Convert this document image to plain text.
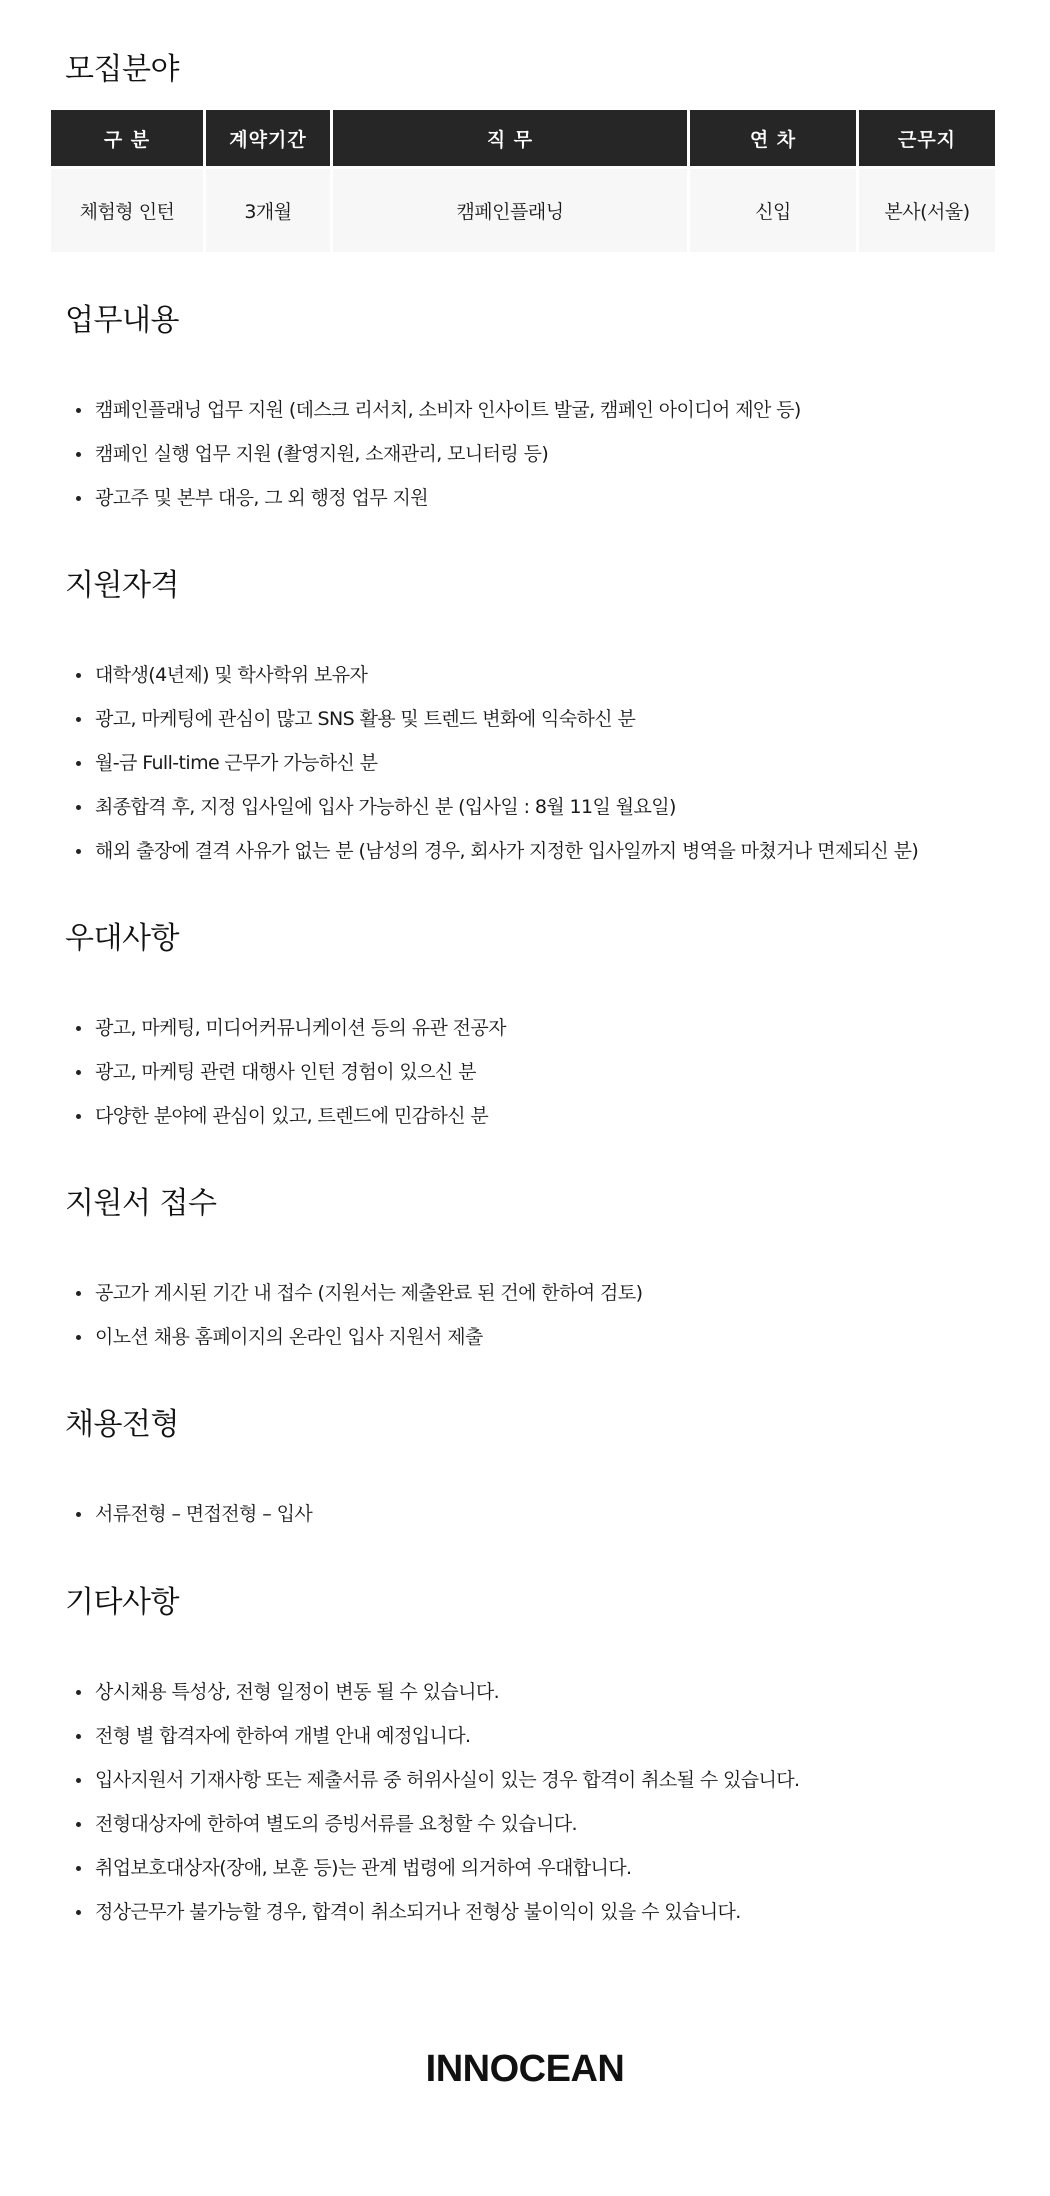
모집분야
구 분	계약기간	직 무	연 차	근무지
체험형 인턴	3개월	캠페인플래닝	신입	본사(서울)
업무내용
캠페인플래닝 업무 지원 (데스크 리서치, 소비자 인사이트 발굴, 캠페인 아이디어 제안 등)
캠페인 실행 업무 지원 (촬영지원, 소재관리, 모니터링 등)
광고주 및 본부 대응, 그 외 행정 업무 지원
지원자격
대학생(4년제) 및 학사학위 보유자
광고, 마케팅에 관심이 많고 SNS 활용 및 트렌드 변화에 익숙하신 분
월-금 Full-time 근무가 가능하신 분
최종합격 후, 지정 입사일에 입사 가능하신 분 (입사일 : 8월 11일 월요일)
해외 출장에 결격 사유가 없는 분 (남성의 경우, 회사가 지정한 입사일까지 병역을 마쳤거나 면제되신 분)
우대사항
광고, 마케팅, 미디어커뮤니케이션 등의 유관 전공자
광고, 마케팅 관련 대행사 인턴 경험이 있으신 분
다양한 분야에 관심이 있고, 트렌드에 민감하신 분
지원서 접수
공고가 게시된 기간 내 접수 (지원서는 제출완료 된 건에 한하여 검토)
이노션 채용 홈페이지의 온라인 입사 지원서 제출
채용전형
서류전형 – 면접전형 – 입사
기타사항
상시채용 특성상, 전형 일정이 변동 될 수 있습니다.
전형 별 합격자에 한하여 개별 안내 예정입니다.
입사지원서 기재사항 또는 제출서류 중 허위사실이 있는 경우 합격이 취소될 수 있습니다.
전형대상자에 한하여 별도의 증빙서류를 요청할 수 있습니다.
취업보호대상자(장애, 보훈 등)는 관계 법령에 의거하여 우대합니다.
정상근무가 불가능할 경우, 합격이 취소되거나 전형상 불이익이 있을 수 있습니다.
INNOCEAN
